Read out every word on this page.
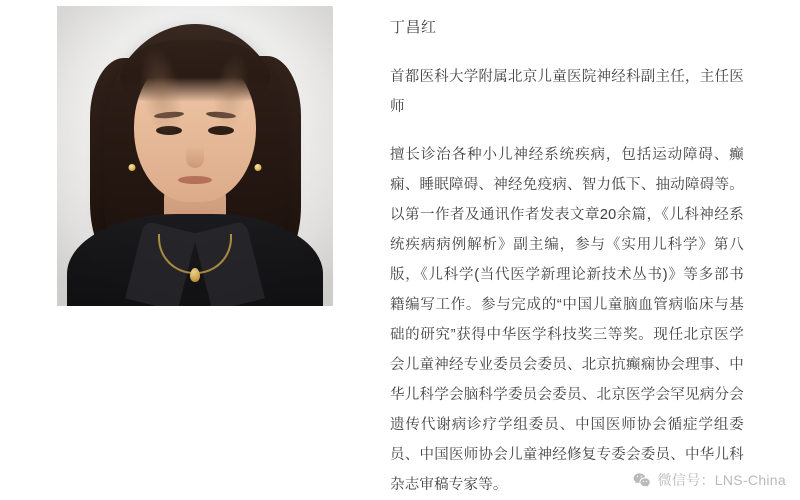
丁昌红

首都医科大学附属北京儿童医院神经科副主任，主任医师

擅长诊治各种小儿神经系统疾病，包括运动障碍、癫痫、睡眠障碍、神经免疫病、智力低下、抽动障碍等。以第一作者及通讯作者发表文章20余篇，《儿科神经系统疾病病例解析》副主编，参与《实用儿科学》第八版，《儿科学(当代医学新理论新技术丛书)》等多部书籍编写工作。参与完成的“中国儿童脑血管病临床与基础的研究”获得中华医学科技奖三等奖。现任北京医学会儿童神经专业委员会委员、北京抗癫痫协会理事、中华儿科学会脑科学委员会委员、北京医学会罕见病分会遗传代谢病诊疗学组委员、中国医师协会循症学组委员、中国医师协会儿童神经修复专委会委员、中华儿科杂志审稿专家等。	微信号：LNS-China
